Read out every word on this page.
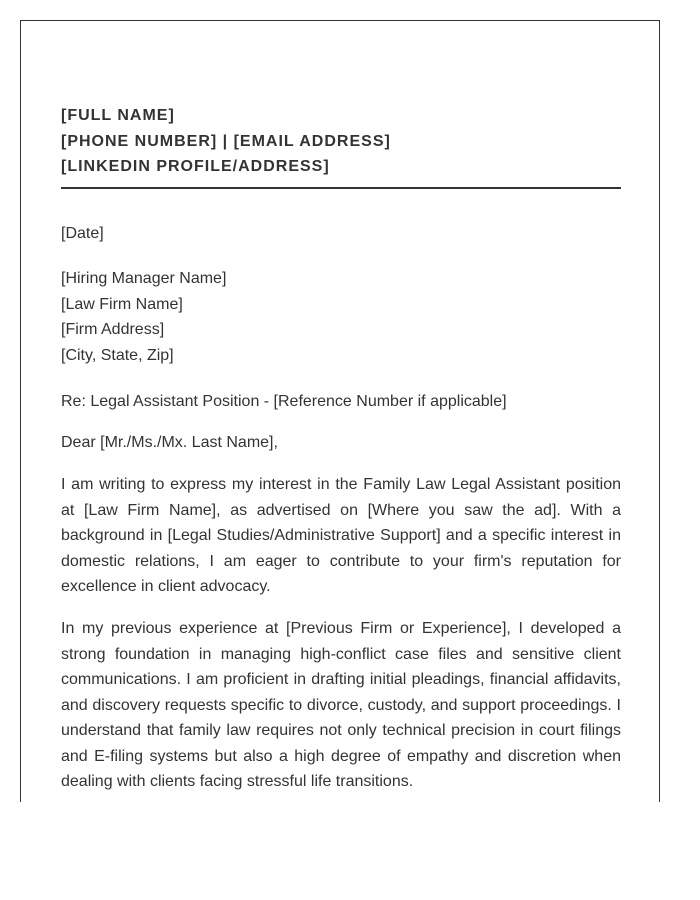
[FULL NAME]
[PHONE NUMBER] | [EMAIL ADDRESS]
[LINKEDIN PROFILE/ADDRESS]
[Date]
[Hiring Manager Name]
[Law Firm Name]
[Firm Address]
[City, State, Zip]
Re: Legal Assistant Position - [Reference Number if applicable]
Dear [Mr./Ms./Mx. Last Name],

I am writing to express my interest in the Family Law Legal Assistant position at [Law Firm Name], as advertised on [Where you saw the ad]. With a background in [Legal Studies/Administrative Support] and a specific interest in domestic relations, I am eager to contribute to your firm's reputation for excellence in client advocacy.

In my previous experience at [Previous Firm or Experience], I developed a strong foundation in managing high-conflict case files and sensitive client communications. I am proficient in drafting initial pleadings, financial affidavits, and discovery requests specific to divorce, custody, and support proceedings. I understand that family law requires not only technical precision in court filings and E-filing systems but also a high degree of empathy and discretion when dealing with clients facing stressful life transitions.
